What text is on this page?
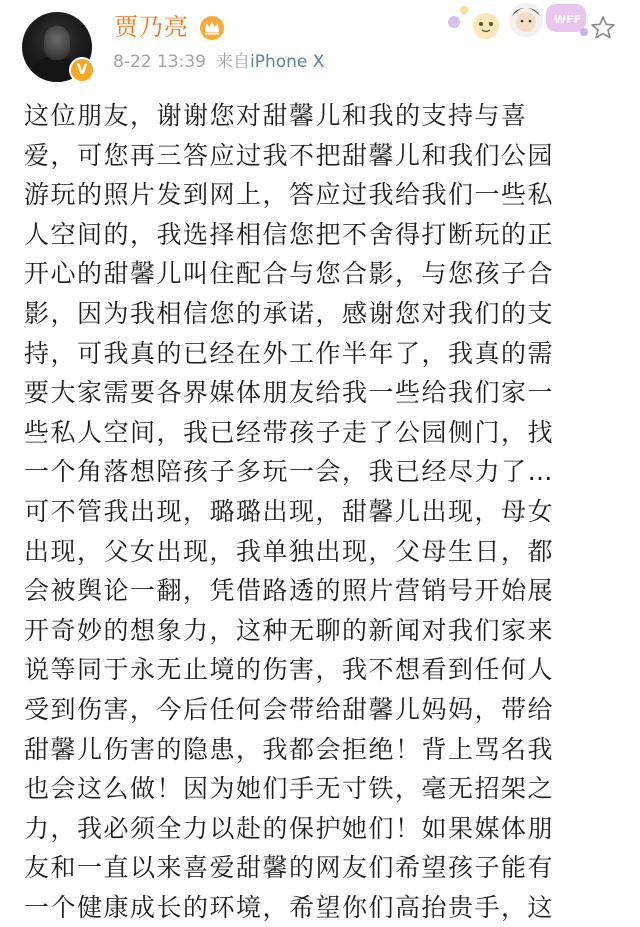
V
贾乃亮
8-22 13:39 来自iPhone X
WFF
这位朋友，谢谢您对甜馨儿和我的支持与喜
爱，可您再三答应过我不把甜馨儿和我们公园
游玩的照片发到网上，答应过我给我们一些私
人空间的，我选择相信您把不舍得打断玩的正
开心的甜馨儿叫住配合与您合影，与您孩子合
影，因为我相信您的承诺，感谢您对我们的支
持，可我真的已经在外工作半年了，我真的需
要大家需要各界媒体朋友给我一些给我们家一
些私人空间，我已经带孩子走了公园侧门，找
一个角落想陪孩子多玩一会，我已经尽力了…
可不管我出现，璐璐出现，甜馨儿出现，母女
出现，父女出现，我单独出现，父母生日，都
会被舆论一翻，凭借路透的照片营销号开始展
开奇妙的想象力，这种无聊的新闻对我们家来
说等同于永无止境的伤害，我不想看到任何人
受到伤害，今后任何会带给甜馨儿妈妈，带给
甜馨儿伤害的隐患，我都会拒绝！背上骂名我
也会这么做！因为她们手无寸铁，毫无招架之
力，我必须全力以赴的保护她们！如果媒体朋
友和一直以来喜爱甜馨的网友们希望孩子能有
一个健康成长的环境，希望你们高抬贵手，这
